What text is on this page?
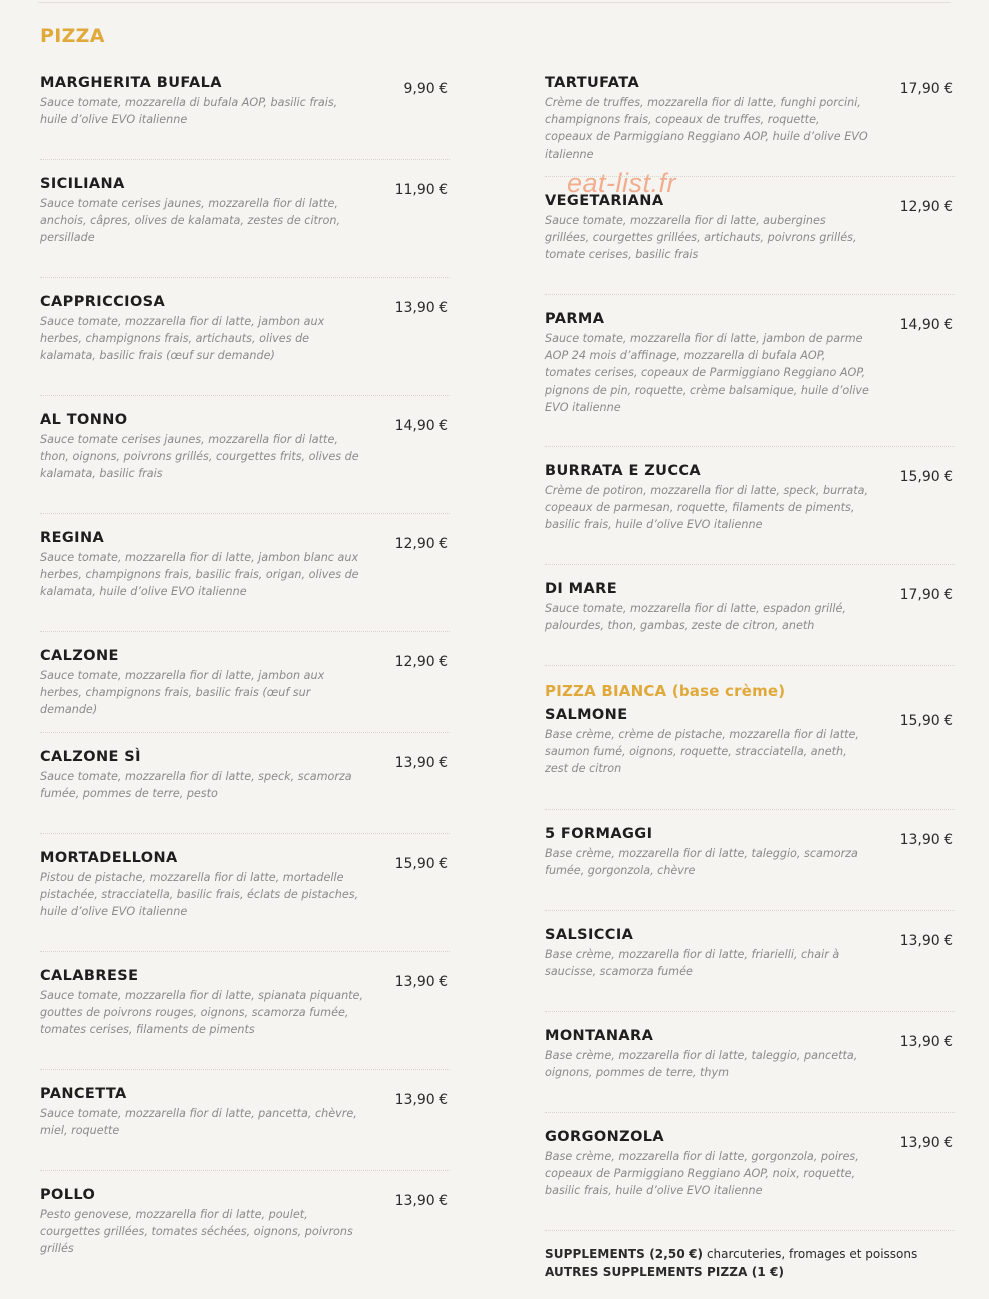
PIZZA
eat-list.fr
MARGHERITA BUFALA
Sauce tomate, mozzarella di bufala AOP, basilic frais, huile d’olive EVO italienne
9,90 €
SICILIANA
Sauce tomate cerises jaunes, mozzarella fior di latte, anchois, câpres, olives de kalamata, zestes de citron, persillade
11,90 €
CAPPRICCIOSA
Sauce tomate, mozzarella fior di latte, jambon aux herbes, champignons frais, artichauts, olives de kalamata, basilic frais (œuf sur demande)
13,90 €
AL TONNO
Sauce tomate cerises jaunes, mozzarella fior di latte, thon, oignons, poivrons grillés, courgettes frits, olives de kalamata, basilic frais
14,90 €
REGINA
Sauce tomate, mozzarella fior di latte, jambon blanc aux herbes, champignons frais, basilic frais, origan, olives de kalamata, huile d’olive EVO italienne
12,90 €
CALZONE
Sauce tomate, mozzarella fior di latte, jambon aux herbes, champignons frais, basilic frais (œuf sur demande)
12,90 €
CALZONE SÌ
Sauce tomate, mozzarella fior di latte, speck, scamorza fumée, pommes de terre, pesto
13,90 €
MORTADELLONA
Pistou de pistache, mozzarella fior di latte, mortadelle pistachée, stracciatella, basilic frais, éclats de pistaches, huile d’olive EVO italienne
15,90 €
CALABRESE
Sauce tomate, mozzarella fior di latte, spianata piquante, gouttes de poivrons rouges, oignons, scamorza fumée, tomates cerises, filaments de piments
13,90 €
PANCETTA
Sauce tomate, mozzarella fior di latte, pancetta, chèvre, miel, roquette
13,90 €
POLLO
Pesto genovese, mozzarella fior di latte, poulet, courgettes grillées, tomates séchées, oignons, poivrons grillés
13,90 €
TARTUFATA
Crème de truffes, mozzarella fior di latte, funghi porcini, champignons frais, copeaux de truffes, roquette, copeaux de Parmiggiano Reggiano AOP, huile d’olive EVO italienne
17,90 €
VEGETARIANA
Sauce tomate, mozzarella fior di latte, aubergines grillées, courgettes grillées, artichauts, poivrons grillés, tomate cerises, basilic frais
12,90 €
PARMA
Sauce tomate, mozzarella fior di latte, jambon de parme AOP 24 mois d’affinage, mozzarella di bufala AOP, tomates cerises, copeaux de Parmiggiano Reggiano AOP, pignons de pin, roquette, crème balsamique, huile d’olive EVO italienne
14,90 €
BURRATA E ZUCCA
Crème de potiron, mozzarella fior di latte, speck, burrata, copeaux de parmesan, roquette, filaments de piments, basilic frais, huile d’olive EVO italienne
15,90 €
DI MARE
Sauce tomate, mozzarella fior di latte, espadon grillé, palourdes, thon, gambas, zeste de citron, aneth
17,90 €
PIZZA BIANCA (base crème)
SALMONE
Base crème, crème de pistache, mozzarella fior di latte, saumon fumé, oignons, roquette, stracciatella, aneth, zest de citron
15,90 €
5 FORMAGGI
Base crème, mozzarella fior di latte, taleggio, scamorza fumée, gorgonzola, chèvre
13,90 €
SALSICCIA
Base crème, mozzarella fior di latte, friarielli, chair à saucisse, scamorza fumée
13,90 €
MONTANARA
Base crème, mozzarella fior di latte, taleggio, pancetta, oignons, pommes de terre, thym
13,90 €
GORGONZOLA
Base crème, mozzarella fior di latte, gorgonzola, poires, copeaux de Parmiggiano Reggiano AOP, noix, roquette, basilic frais, huile d’olive EVO italienne
13,90 €
SUPPLEMENTS (2,50 €) charcuteries, fromages et poissons
AUTRES SUPPLEMENTS PIZZA (1 €)
